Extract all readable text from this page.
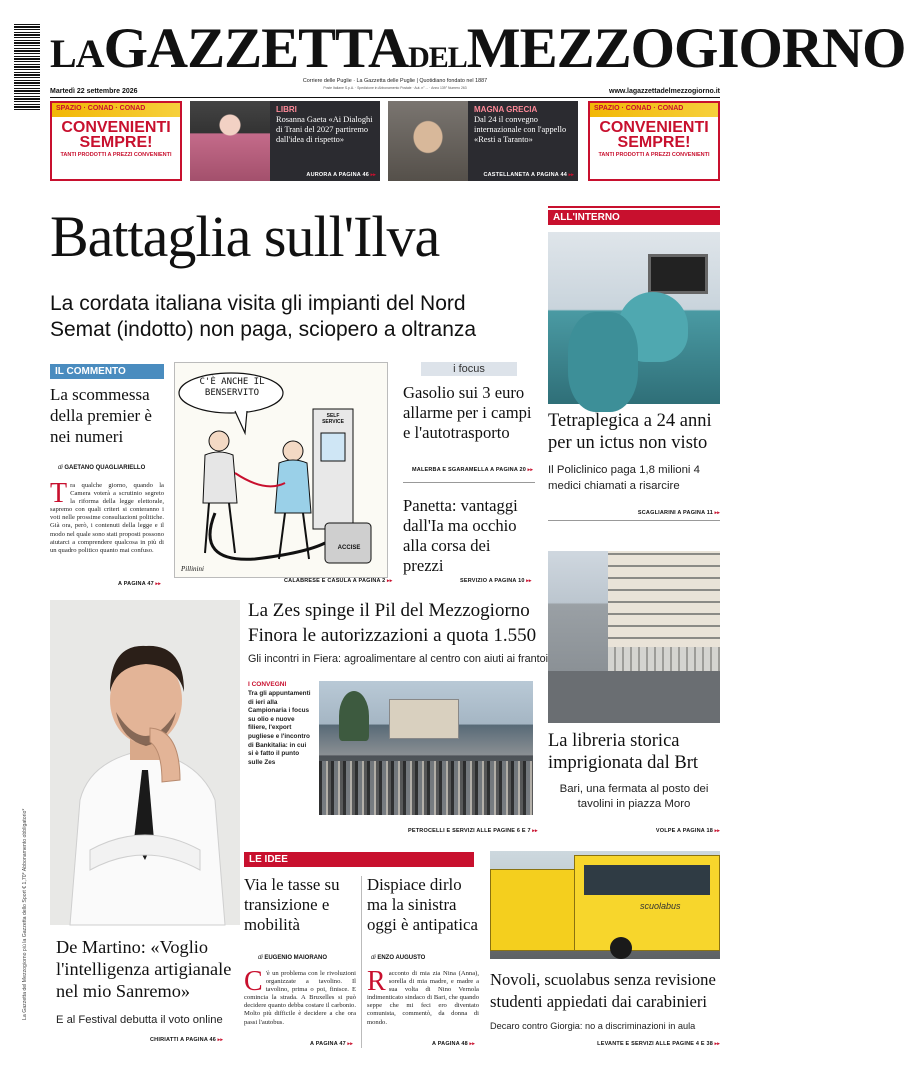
LAGAZZETTADELMEZZOGIORNO
Corriere delle Puglie · La Gazzetta delle Puglie | Quotidiano fondato nel 1887
Poste Italiane S.p.A. · Spedizione in Abbonamento Postale · Aut. n° ... · Anno 139° Numero 263
Martedì 22 settembre 2026	www.lagazzettadelmezzogiorno.it
SPAZIO · CONAD · CONAD
CONVENIENTI SEMPRE!
TANTI PRODOTTI A PREZZI CONVENIENTI
LIBRI
Rosanna Gaeta «Ai Dialoghi di Trani del 2027 partiremo dall'idea di rispetto»
AURORA A PAGINA 46 ▸▸
MAGNA GRECIA
Dal 24 il convegno internazionale con l'appello «Resti a Taranto»
CASTELLANETA A PAGINA 44 ▸▸
SPAZIO · CONAD · CONAD
CONVENIENTI SEMPRE!
TANTI PRODOTTI A PREZZI CONVENIENTI
Battaglia sull'Ilva
La cordata italiana visita gli impianti del Nord
Semat (indotto) non paga, sciopero a oltranza
ALL'INTERNO
Tetraplegica a 24 anni per un ictus non visto
Il Policlinico paga 1,8 milioni 4 medici chiamati a risarcire
SCAGLIARINI A PAGINA 11 ▸▸
IL COMMENTO
La scommessa della premier è nei numeri
di GAETANO QUAGLIARIELLO
Tra qualche giorno, quando la Camera voterà a scrutinio segreto la riforma della legge elettorale, sapremo con quali criteri si conteranno i voti nelle prossime consultazioni politiche. Già ora, però, i contenuti della legge e il modo nel quale sono stati proposti possono aiutarci a comprendere qualcosa in più di un quadro politico quanto mai confuso.
A PAGINA 47 ▸▸
C'È ANCHE IL BENSERVITO
SELF SERVICE
ACCISE
Pillinini
CALABRESE E CASULA A PAGINA 2 ▸▸
i focus
Gasolio sui 3 euro allarme per i campi e l'autotrasporto
MALERBA E SGARAMELLA A PAGINA 20 ▸▸
Panetta: vantaggi dall'Ia ma occhio alla corsa dei prezzi
SERVIZIO A PAGINA 10 ▸▸
La Zes spinge il Pil del Mezzogiorno
Finora le autorizzazioni a quota 1.550
Gli incontri in Fiera: agroalimentare al centro con aiuti ai frantoi
I CONVEGNI
Tra gli appuntamenti di ieri alla Campionaria i focus su olio e nuove filiere, l'export pugliese e l'incontro di Bankitalia: in cui si è fatto il punto sulle Zes
PETROCELLI E SERVIZI ALLE PAGINE 6 E 7 ▸▸
La libreria storica imprigionata dal Brt
Bari, una fermata al posto dei tavolini in piazza Moro
VOLPE A PAGINA 18 ▸▸
La Gazzetta del Mezzogiorno più la Gazzetta dello Sport € 1,70* Abbonamento obbligatorio* De Martino: «Voglio l'intelligenza artigianale nel mio Sanremo»
E al Festival debutta il voto online
CHIRIATTI A PAGINA 46 ▸▸
LE IDEE
Via le tasse su transizione e mobilità
di EUGENIO MAIORANO
C 'è un problema con le rivoluzioni organizzate a tavolino. Il tavolino, prima o poi, finisce. E comincia la strada. A Bruxelles si può decidere quanto debba costare il carbonio. Molto più difficile è decidere a che ora passi l'autobus.
A PAGINA 47 ▸▸
Dispiace dirlo ma la sinistra oggi è antipatica
di ENZO AUGUSTO
Racconto di mia zia Nina (Anna), sorella di mia madre, e madre a sua volta di Nino Vernola indimenticato sindaco di Bari, che quando seppe che mi feci ero diventato comunista, commentò, da donna di mondo.
A PAGINA 48 ▸▸
scuolabus
Novoli, scuolabus senza revisione
studenti appiedati dai carabinieri
Decaro contro Giorgia: no a discriminazioni in aula
LEVANTE E SERVIZI ALLE PAGINE 4 E 38 ▸▸
